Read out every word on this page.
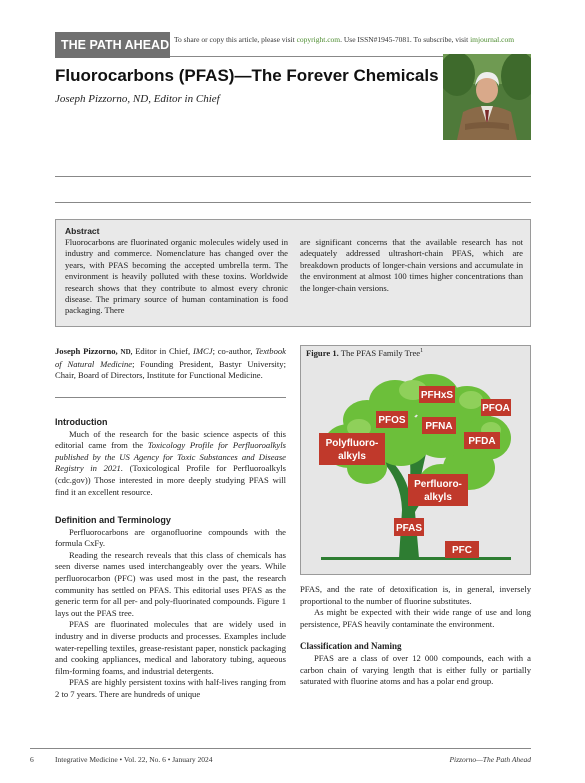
THE PATH AHEAD To share or copy this article, please visit copyright.com. Use ISSN#1945-7081. To subscribe, visit imjournal.com
Fluorocarbons (PFAS)—The Forever Chemicals
Joseph Pizzorno, ND, Editor in Chief
Abstract
Fluorocarbons are fluorinated organic molecules widely used in industry and commerce. Nomenclature has changed over the years, with PFAS becoming the accepted umbrella term. The environment is heavily polluted with these toxins. Worldwide research shows that they contribute to almost every chronic disease. The primary source of human contamination is food packaging. There
are significant concerns that the available research has not adequately addressed ultrashort-chain PFAS, which are breakdown products of longer-chain versions and accumulate in the environment at almost 100 times higher concentrations than the longer-chain versions.

Joseph Pizzorno, ND, Editor in Chief, IMCJ; co-author, Textbook of Natural Medicine; Founding President, Bastyr University; Chair, Board of Directors, Institute for Functional Medicine.

Introduction

Much of the research for the basic science aspects of this editorial came from the Toxicology Profile for Perfluoroalkyls published by the US Agency for Toxic Substances and Disease Registry in 2021. (Toxicological Profile for Perfluoroalkyls (cdc.gov)) Those interested in more deeply studying PFAS will find it an excellent resource.

Definition and Terminology

Perfluorocarbons are organofluorine compounds with the formula CxFy.

Reading the research reveals that this class of chemicals has seen diverse names used interchangeably over the years. While perfluorocarbon (PFC) was used most in the past, the research community has settled on PFAS. This editorial uses PFAS as the generic term for all per- and poly-fluorinated compounds. Figure 1 lays out the PFAS tree.

PFAS are fluorinated molecules that are widely used in industry and in diverse products and processes. Examples include water-repelling textiles, grease-resistant paper, nonstick packaging and cooking appliances, medical and laboratory tubing, aqueous film-forming foams, and industrial detergents.

PFAS are highly persistent toxins with half-lives ranging from 2 to 7 years. There are hundreds of unique

Figure 1. The PFAS Family Tree$^1$
PFHxS
PFOA
PFOS
PFNA
PFDA
Polyfluoro-
alkyls
Perfluoro-
alkyls
PFAS
PFC

PFAS, and the rate of detoxification is, in general, inversely proportional to the number of fluorine substitutes.

As might be expected with their wide range of use and long persistence, PFAS heavily contaminate the environment.

Classification and Naming

PFAS are a class of over 12 000 compounds, each with a carbon chain of varying length that is either fully or partially saturated with fluorine atoms and has a polar end group.

6	Integrative Medicine • Vol. 22, No. 6 • January 2024	Pizzorno—The Path Ahead
